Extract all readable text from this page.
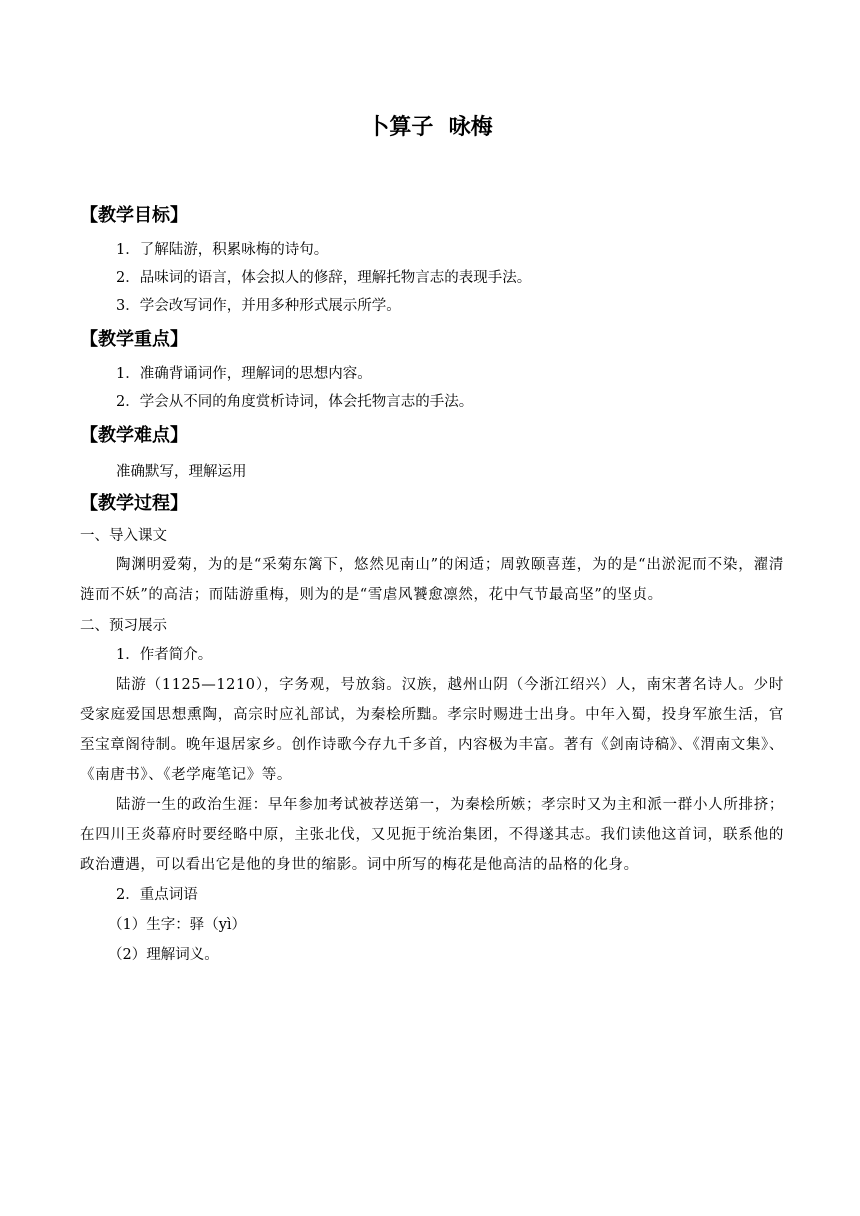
卜算子  咏梅
【教学目标】
1．了解陆游，积累咏梅的诗句。
2．品味词的语言，体会拟人的修辞，理解托物言志的表现手法。
3．学会改写词作，并用多种形式展示所学。
【教学重点】
1．准确背诵词作，理解词的思想内容。
2．学会从不同的角度赏析诗词，体会托物言志的手法。
【教学难点】
准确默写，理解运用
【教学过程】
一、导入课文

陶渊明爱菊，为的是“采菊东篱下，悠然见南山”的闲适；周敦颐喜莲，为的是“出淤泥而不染，濯清涟而不妖”的高洁；而陆游重梅，则为的是“雪虐风饕愈凛然，花中气节最高坚”的坚贞。

二、预习展示

1．作者简介。

陆游（1125—1210），字务观，号放翁。汉族，越州山阴（今浙江绍兴）人，南宋著名诗人。少时受家庭爱国思想熏陶，高宗时应礼部试，为秦桧所黜。孝宗时赐进士出身。中年入蜀，投身军旅生活，官至宝章阁待制。晚年退居家乡。创作诗歌今存九千多首，内容极为丰富。著有《剑南诗稿》、《渭南文集》、《南唐书》、《老学庵笔记》等。

陆游一生的政治生涯：早年参加考试被荐送第一，为秦桧所嫉；孝宗时又为主和派一群小人所排挤；在四川王炎幕府时要经略中原，主张北伐，又见扼于统治集团，不得遂其志。我们读他这首词，联系他的政治遭遇，可以看出它是他的身世的缩影。词中所写的梅花是他高洁的品格的化身。

2．重点词语

（1）生字：驿（yì）

（2）理解词义。
